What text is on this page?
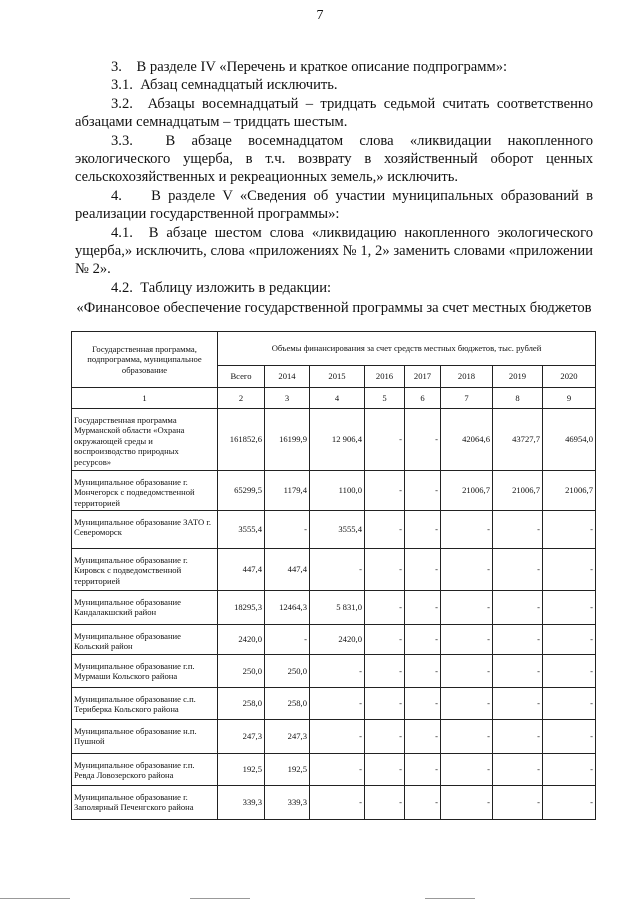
7

3.    В разделе IV «Перечень и краткое описание подпрограмм»:

3.1.  Абзац семнадцатый исключить.

3.2.  Абзацы восемнадцатый – тридцать седьмой считать соответственно абзацами семнадцатым – тридцать шестым.

3.3.  В абзаце восемнадцатом слова «ликвидации накопленного экологического ущерба, в т.ч. возврату в хозяйственный оборот ценных сельскохозяйственных и рекреационных земель,» исключить.

4.    В разделе V «Сведения об участии муниципальных образований в реализации государственной программы»:

4.1.  В абзаце шестом слова «ликвидацию накопленного экологического ущерба,» исключить, слова «приложениях № 1, 2» заменить словами «приложении № 2».

4.2.  Таблицу изложить в редакции:

«Финансовое обеспечение государственной программы за счет местных бюджетов
Государственная программа, подпрограмма, муниципальное образование	Объемы финансирования за счет средств местных бюджетов, тыс. рублей							
	Всего	2014	2015	2016	2017	2018	2019	2020
1	2	3	4	5	6	7	8	9
Государственная программа Мурманской области «Охрана окружающей среды и воспроизводство природных ресурсов»	161852,6	16199,9	12 906,4	-	-	42064,6	43727,7	46954,0
Муниципальное образование г. Мончегорск с подведомственной территорией	65299,5	1179,4	1100,0	-	-	21006,7	21006,7	21006,7
Муниципальное образование ЗАТО г. Североморск	3555,4	-	3555,4	-	-	-	-	-
Муниципальное образование г. Кировск с подведомственной территорией	447,4	447,4	-	-	-	-	-	-
Муниципальное образование Кандалакшский район	18295,3	12464,3	5 831,0	-	-	-	-	-
Муниципальное образование Кольский район	2420,0	-	2420,0	-	-	-	-	-
Муниципальное образование г.п. Мурмаши Кольского района	250,0	250,0	-	-	-	-	-	-
Муниципальное образование с.п. Териберка Кольского района	258,0	258,0	-	-	-	-	-	-
Муниципальное образование н.п. Пушной	247,3	247,3	-	-	-	-	-	-
Муниципальное образование г.п. Ревда Ловозерского района	192,5	192,5	-	-	-	-	-	-
Муниципальное образование г. Заполярный Печенгского района	339,3	339,3	-	-	-	-	-	-
